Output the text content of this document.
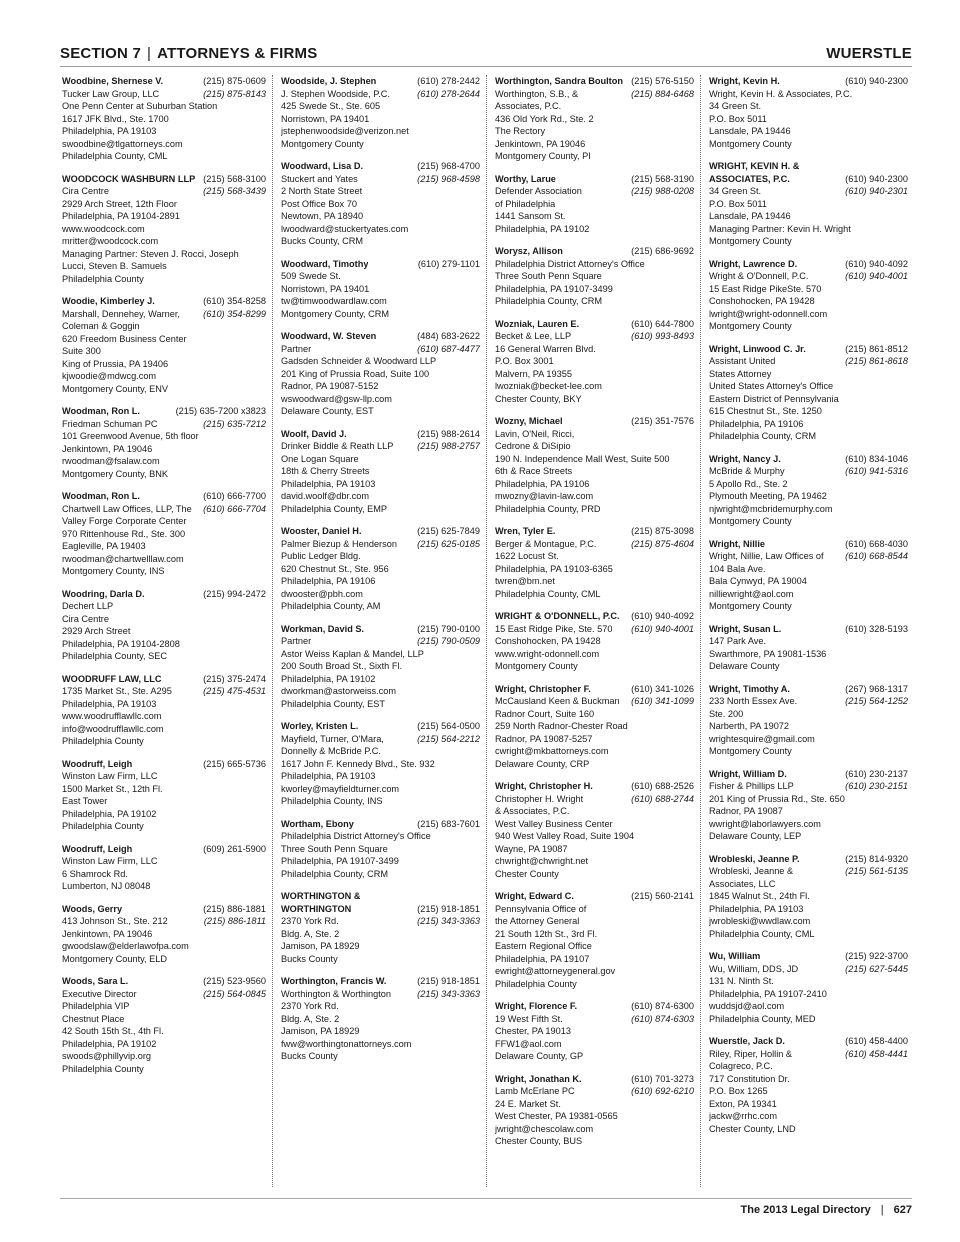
SECTION 7 | ATTORNEYS & FIRMS	WUERSTLE
Woodbine, Shernese V.	(215) 875-0609
Tucker Law Group, LLC	(215) 875-8143
One Penn Center at Suburban Station
1617 JFK Blvd., Ste. 1700
Philadelphia, PA 19103
swoodbine@tlgattorneys.com
Philadelphia County, CML
WOODCOCK WASHBURN LLP (215) 568-3100
Cira Centre	(215) 568-3439
2929 Arch Street, 12th Floor
Philadelphia, PA 19104-2891
www.woodcock.com
mritter@woodcock.com
Managing Partner: Steven J. Rocci, Joseph
Lucci, Steven B. Samuels
Philadelphia County
Woodie, Kimberley J.	(610) 354-8258
Marshall, Dennehey, Warner,	(610) 354-8299
Coleman & Goggin
620 Freedom Business Center
Suite 300
King of Prussia, PA 19406
kjwoodie@mdwcg.com
Montgomery County, ENV
Woodman, Ron L.	(215) 635-7200 x3823
Friedman Schuman PC	(215) 635-7212
101 Greenwood Avenue, 5th floor
Jenkintown, PA 19046
rwoodman@fsalaw.com
Montgomery County, BNK
Woodman, Ron L.	(610) 666-7700
Chartwell Law Offices, LLP, The	(610) 666-7704
Valley Forge Corporate Center
970 Rittenhouse Rd., Ste. 300
Eagleville, PA 19403
rwoodman@chartwelllaw.com
Montgomery County, INS
Woodring, Darla D.	(215) 994-2472
Dechert LLP
Cira Centre
2929 Arch Street
Philadelphia, PA 19104-2808
Philadelphia County, SEC
WOODRUFF LAW, LLC	(215) 375-2474
1735 Market St., Ste. A295	(215) 475-4531
Philadelphia, PA 19103
www.woodrufflawllc.com
info@woodrufflawllc.com
Philadelphia County
Woodruff, Leigh	(215) 665-5736
Winston Law Firm, LLC
1500 Market St., 12th Fl.
East Tower
Philadelphia, PA 19102
Philadelphia County
Woodruff, Leigh	(609) 261-5900
Winston Law Firm, LLC
6 Shamrock Rd.
Lumberton, NJ 08048
Woods, Gerry	(215) 886-1881
413 Johnson St., Ste. 212	(215) 886-1811
Jenkintown, PA 19046
gwoodslaw@elderlawofpa.com
Montgomery County, ELD
Woods, Sara L.	(215) 523-9560
Executive Director	(215) 564-0845
Philadelphia VIP
Chestnut Place
42 South 15th St., 4th Fl.
Philadelphia, PA 19102
swoods@phillyvip.org
Philadelphia County
Woodside, J. Stephen	(610) 278-2442
J. Stephen Woodside, P.C.	(610) 278-2644
425 Swede St., Ste. 605
Norristown, PA 19401
jstephenwoodside@verizon.net
Montgomery County
Woodward, Lisa D.	(215) 968-4700
Stuckert and Yates	(215) 968-4598
2 North State Street
Post Office Box 70
Newtown, PA 18940
lwoodward@stuckertyates.com
Bucks County, CRM
Woodward, Timothy	(610) 279-1101
509 Swede St.
Norristown, PA 19401
tw@timwoodwardlaw.com
Montgomery County, CRM
Woodward, W. Steven	(484) 683-2622
Partner	(610) 687-4477
Gadsden Schneider & Woodward LLP
201 King of Prussia Road, Suite 100
Radnor, PA 19087-5152
wswoodward@gsw-llp.com
Delaware County, EST
Woolf, David J.	(215) 988-2614
Drinker Biddle & Reath LLP	(215) 988-2757
One Logan Square
18th & Cherry Streets
Philadelphia, PA 19103
david.woolf@dbr.com
Philadelphia County, EMP
Wooster, Daniel H.	(215) 625-7849
Palmer Biezup & Henderson	(215) 625-0185
Public Ledger Bldg.
620 Chestnut St., Ste. 956
Philadelphia, PA 19106
dwooster@pbh.com
Philadelphia County, AM
Workman, David S.	(215) 790-0100
Partner	(215) 790-0509
Astor Weiss Kaplan & Mandel, LLP
200 South Broad St., Sixth Fl.
Philadelphia, PA 19102
dworkman@astorweiss.com
Philadelphia County, EST
Worley, Kristen L.	(215) 564-0500
Mayfield, Turner, O'Mara,	(215) 564-2212
Donnelly & McBride P.C.
1617 John F. Kennedy Blvd., Ste. 932
Philadelphia, PA 19103
kworley@mayfieldturner.com
Philadelphia County, INS
Wortham, Ebony	(215) 683-7601
Philadelphia District Attorney's Office
Three South Penn Square
Philadelphia, PA 19107-3499
Philadelphia County, CRM
WORTHINGTON &
WORTHINGTON	(215) 918-1851
2370 York Rd.	(215) 343-3363
Bldg. A, Ste. 2
Jamison, PA 18929
Bucks County
Worthington, Francis W.	(215) 918-1851
Worthington & Worthington	(215) 343-3363
2370 York Rd.
Bldg. A, Ste. 2
Jamison, PA 18929
fww@worthingtonattorneys.com
Bucks County
Worthington, Sandra Boulton (215) 576-5150
Worthington, S.B., &	(215) 884-6468
Associates, P.C.
436 Old York Rd., Ste. 2
The Rectory
Jenkintown, PA 19046
Montgomery County, PI
Worthy, Larue	(215) 568-3190
Defender Association	(215) 988-0208
of Philadelphia
1441 Sansom St.
Philadelphia, PA 19102
Worysz, Allison	(215) 686-9692
Philadelphia District Attorney's Office
Three South Penn Square
Philadelphia, PA 19107-3499
Philadelphia County, CRM
Wozniak, Lauren E.	(610) 644-7800
Becket & Lee, LLP	(610) 993-8493
16 General Warren Blvd.
P.O. Box 3001
Malvern, PA 19355
lwozniak@becket-lee.com
Chester County, BKY
Wozny, Michael	(215) 351-7576
Lavin, O'Neil, Ricci,
Cedrone & DiSipio
190 N. Independence Mall West, Suite 500
6th & Race Streets
Philadelphia, PA 19106
mwozny@lavin-law.com
Philadelphia County, PRD
Wren, Tyler E.	(215) 875-3098
Berger & Montague, P.C.	(215) 875-4604
1622 Locust St.
Philadelphia, PA 19103-6365
twren@bm.net
Philadelphia County, CML
WRIGHT & O'DONNELL, P.C.	(610) 940-4092
15 East Ridge Pike, Ste. 570	(610) 940-4001
Conshohocken, PA 19428
www.wright-odonnell.com
Montgomery County
Wright, Christopher F.	(610) 341-1026
McCausland Keen & Buckman	(610) 341-1099
Radnor Court, Suite 160
259 North Radnor-Chester Road
Radnor, PA 19087-5257
cwright@mkbattorneys.com
Delaware County, CRP
Wright, Christopher H.	(610) 688-2526
Christopher H. Wright	(610) 688-2744
& Associates, P.C.
West Valley Business Center
940 West Valley Road, Suite 1904
Wayne, PA 19087
chwright@chwright.net
Chester County
Wright, Edward C.	(215) 560-2141
Pennsylvania Office of
the Attorney General
21 South 12th St., 3rd Fl.
Eastern Regional Office
Philadelphia, PA 19107
ewright@attorneygeneral.gov
Philadelphia County
Wright, Florence F.	(610) 874-6300
19 West Fifth St.	(610) 874-6303
Chester, PA 19013
FFW1@aol.com
Delaware County, GP
Wright, Jonathan K.	(610) 701-3273
Lamb McErlane PC	(610) 692-6210
24 E. Market St.
West Chester, PA 19381-0565
jwright@chescolaw.com
Chester County, BUS
Wright, Kevin H.	(610) 940-2300
Wright, Kevin H. & Associates, P.C.
34 Green St.
P.O. Box 5011
Lansdale, PA 19446
Montgomery County
WRIGHT, KEVIN H. &
ASSOCIATES, P.C.	(610) 940-2300
34 Green St.	(610) 940-2301
P.O. Box 5011
Lansdale, PA 19446
Managing Partner: Kevin H. Wright
Montgomery County
Wright, Lawrence D.	(610) 940-4092
Wright & O'Donnell, P.C.	(610) 940-4001
15 East Ridge PikeSte. 570
Conshohocken, PA 19428
lwright@wright-odonnell.com
Montgomery County
Wright, Linwood C. Jr.	(215) 861-8512
Assistant United	(215) 861-8618
States Attorney
United States Attorney's Office
Eastern District of Pennsylvania
615 Chestnut St., Ste. 1250
Philadelphia, PA 19106
Philadelphia County, CRM
Wright, Nancy J.	(610) 834-1046
McBride & Murphy	(610) 941-5316
5 Apollo Rd., Ste. 2
Plymouth Meeting, PA 19462
njwright@mcbridemurphy.com
Montgomery County
Wright, Nillie	(610) 668-4030
Wright, Nillie, Law Offices of	(610) 668-8544
104 Bala Ave.
Bala Cynwyd, PA 19004
nilliewright@aol.com
Montgomery County
Wright, Susan L.	(610) 328-5193
147 Park Ave.
Swarthmore, PA 19081-1536
Delaware County
Wright, Timothy A.	(267) 968-1317
233 North Essex Ave.	(215) 564-1252
Ste. 200
Narberth, PA 19072
wrightesquire@gmail.com
Montgomery County
Wright, William D.	(610) 230-2137
Fisher & Phillips LLP	(610) 230-2151
201 King of Prussia Rd., Ste. 650
Radnor, PA 19087
wwright@laborlawyers.com
Delaware County, LEP
Wrobleski, Jeanne P.	(215) 814-9320
Wrobleski, Jeanne &	(215) 561-5135
Associates, LLC
1845 Walnut St., 24th Fl.
Philadelphia, PA 19103
jwrobleski@wwdlaw.com
Philadelphia County, CML
Wu, William	(215) 922-3700
Wu, William, DDS, JD	(215) 627-5445
131 N. Ninth St.
Philadelphia, PA 19107-2410
wuddsjd@aol.com
Philadelphia County, MED
Wuerstle, Jack D.	(610) 458-4400
Riley, Riper, Hollin &	(610) 458-4441
Colagreco, P.C.
717 Constitution Dr.
P.O. Box 1265
Exton, PA 19341
jackw@rrhc.com
Chester County, LND
The 2013 Legal Directory | 627
